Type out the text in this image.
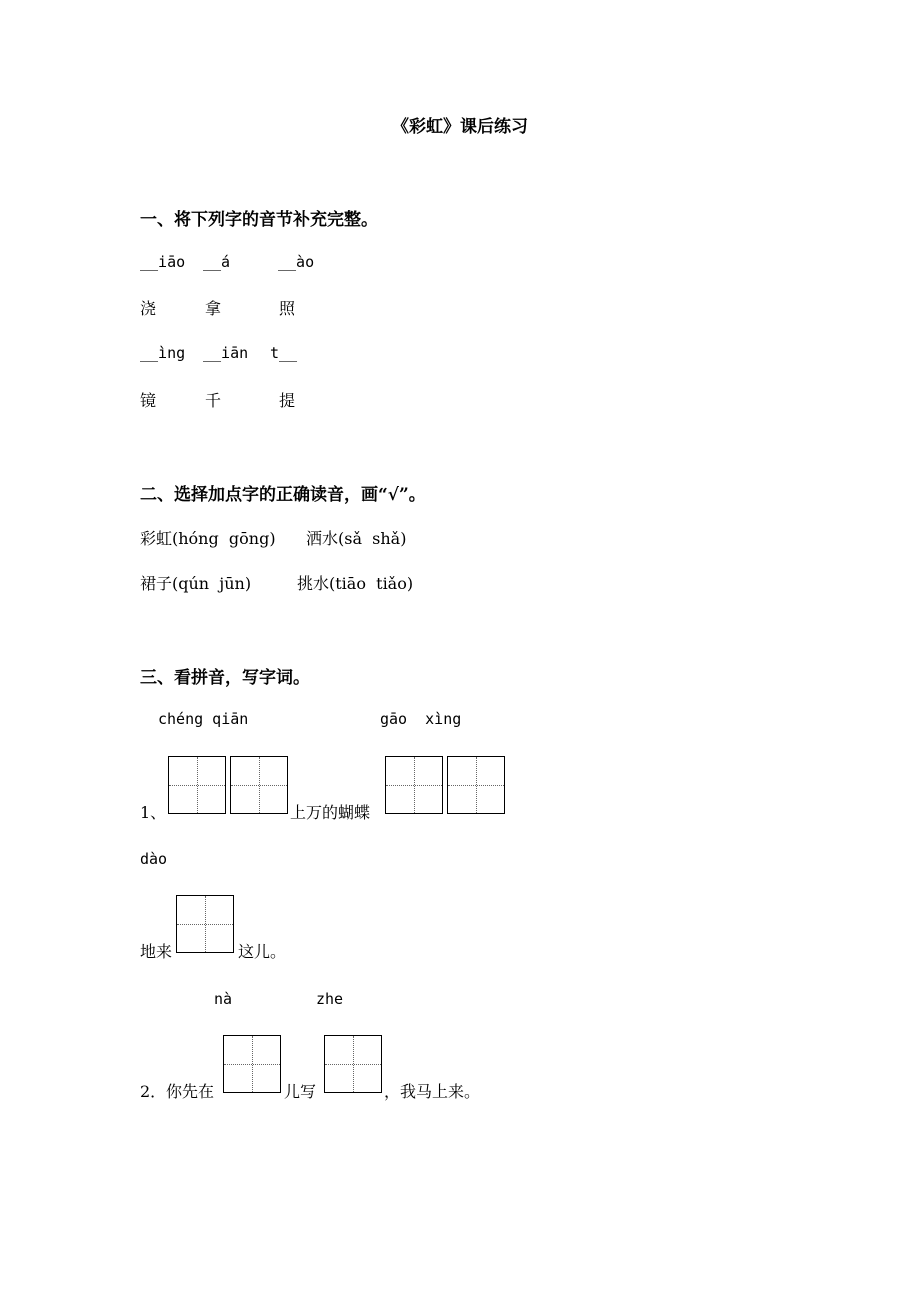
《彩虹》课后练习
一、将下列字的音节补充完整。
__iāo __á	__ào
浇	拿	照
__ìng __iān t__
镜	千	提
二、选择加点字的正确读音，画“√”。
彩虹(hóng  gōng) 洒水(sǎ  shǎ)
裙子(qún  jūn)	挑水(tiāo  tiǎo)
三、看拼音，写字词。
chéng qiān	gāo  xìng
1、	上万的蝴蝶
dào
地来	这儿。
nà	zhe
2． 你先在	儿写	，我马上来。
